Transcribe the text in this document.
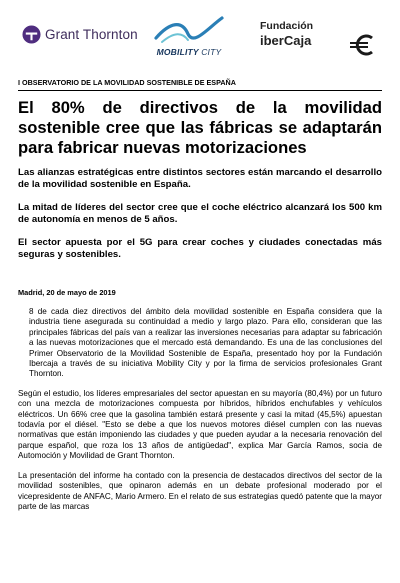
Grant Thornton
MOBILITY CITY
Fundación
iberCaja
I OBSERVATORIO DE LA MOVILIDAD SOSTENIBLE DE ESPAÑA
El 80% de directivos de la movilidad sostenible cree que las fábricas se adaptarán para fabricar nuevas motorizaciones
Las alianzas estratégicas entre distintos sectores están marcando el desarrollo de la movilidad sostenible en España.
La mitad de líderes del sector cree que el coche eléctrico alcanzará los 500 km de autonomía en menos de 5 años.
El sector apuesta por el 5G para crear coches y ciudades conectadas más seguras y sostenibles.
Madrid, 20 de mayo de 2019
8 de cada diez directivos del ámbito dela movilidad sostenible en España considera que la industria tiene asegurada su continuidad a medio y largo plazo. Para ello, consideran que las principales fábricas del país van a realizar las inversiones necesarias para adaptar su fabricación a las nuevas motorizaciones que el mercado está demandando. Es una de las conclusiones del Primer Observatorio de la Movilidad Sostenible de España, presentado hoy por la Fundación Ibercaja a través de su iniciativa Mobility City y por la firma de servicios profesionales Grant Thornton.
Según el estudio, los líderes empresariales del sector apuestan en su mayoría (80,4%) por un futuro con una mezcla de motorizaciones compuesta por híbridos, híbridos enchufables y vehículos eléctricos. Un 66% cree que la gasolina también estará presente y casi la mitad (45,5%) apuestan todavía por el diésel. "Esto se debe a que los nuevos motores diésel cumplen con las nuevas normativas que están imponiendo las ciudades y que pueden ayudar a la necesaria renovación del parque español, que roza los 13 años de antigüedad", explica Mar García Ramos, socia de Automoción y Movilidad de Grant Thornton.
La presentación del informe ha contado con la presencia de destacados directivos del sector de la movilidad sostenibles, que opinaron además en un debate profesional moderado por el vicepresidente de ANFAC, Mario Armero. En el relato de sus estrategias quedó patente que la mayor parte de las marcas
